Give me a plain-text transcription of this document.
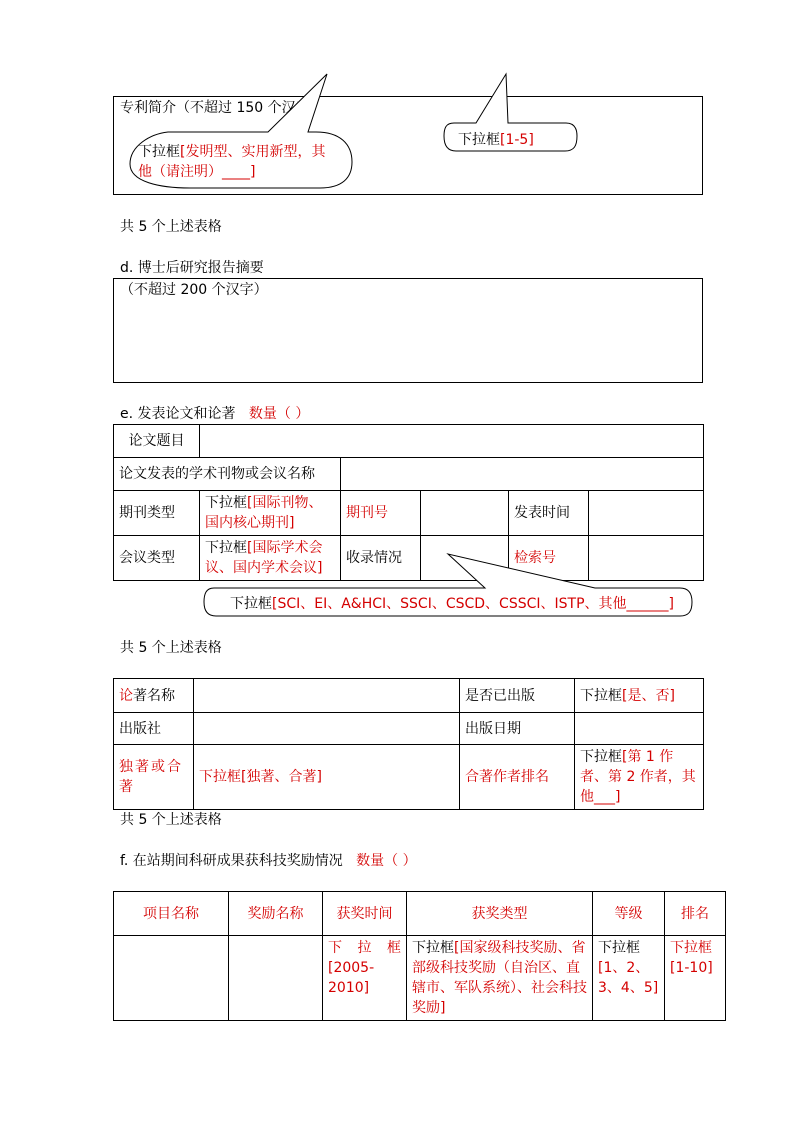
专利简介（不超过 150 个汉字）
下拉框[发明型、实用新型，其他（请注明）____]
下拉框[1-5]
共 5 个上述表格
d. 博士后研究报告摘要
（不超过 200 个汉字）
e. 发表论文和论著 数量（ ）
论文题目					
论文发表的学术刊物或会议名称					
期刊类型	下拉框[国际刊物、国内核心期刊]	期刊号		发表时间	
会议类型	下拉框[国际学术会议、国内学术会议]	收录情况		检索号	
下拉框[SCI、EI、A&HCI、SSCI、CSCD、CSSCI、ISTP、其他______]
共 5 个上述表格
论著名称		是否已出版	下拉框[是、否]
出版社		出版日期	
独著或合著	下拉框[独著、合著]	合著作者排名	下拉框[第 1 作者、第 2 作者，其他___]
共 5 个上述表格
f. 在站期间科研成果获科技奖励情况 数量（ ）
项目名称	奖励名称	获奖时间	获奖类型	等级	排名
		下拉框[2005-2010]	下拉框[国家级科技奖励、省部级科技奖励（自治区、直辖市、军队系统）、社会科技奖励]	下拉框[1、2、3、4、5]	下拉框[1-10]
